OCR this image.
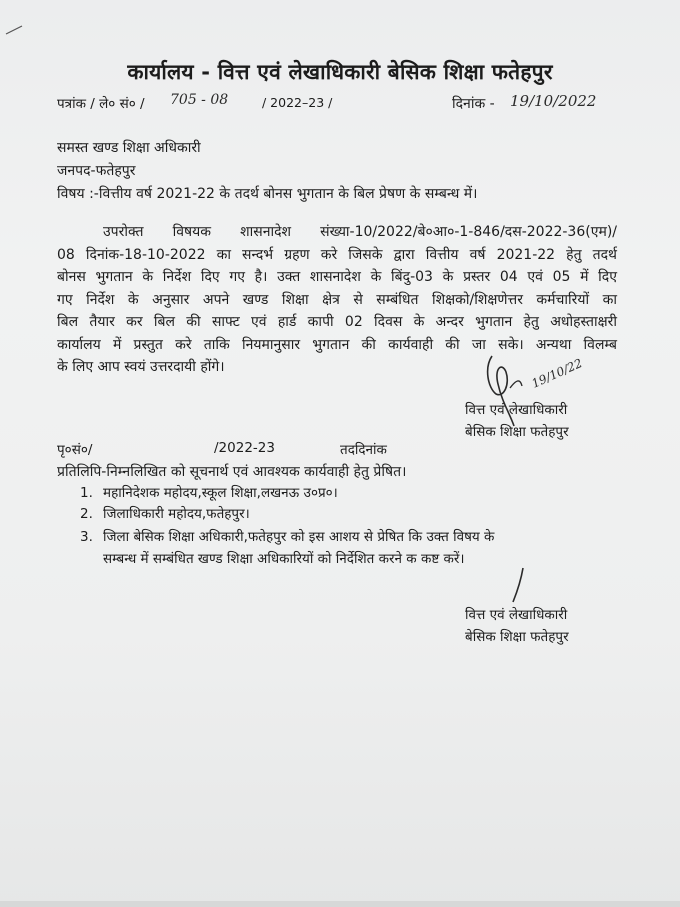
कार्यालय - वित्त एवं लेखाधिकारी बेसिक शिक्षा फतेहपुर
पत्रांक / ले० सं० / 705 - 08	/ 2022–23 /	दिनांक - 19/10/2022
समस्त खण्ड शिक्षा अधिकारी
जनपद-फतेहपुर
विषय :-वित्तीय वर्ष 2021-22 के तदर्थ बोनस भुगतान के बिल प्रेषण के सम्बन्ध में।
उपरोक्त विषयक शासनादेश संख्या-10/2022/बे०आ०-1-846/दस-2022-36(एम)/
08 दिनांक-18-10-2022 का सन्दर्भ ग्रहण करे जिसके द्वारा वित्तीय वर्ष 2021-22 हेतु तदर्थ
बोनस भुगतान के निर्देश दिए गए है। उक्त शासनादेश के बिंदु-03 के प्रस्तर 04 एवं 05 में दिए
गए निर्देश के अनुसार अपने खण्ड शिक्षा क्षेत्र से सम्बंधित शिक्षको/शिक्षणेत्तर कर्मचारियों का
बिल तैयार कर बिल की साफ्ट एवं हार्ड कापी 02 दिवस के अन्दर भुगतान हेतु अधोहस्ताक्षरी
कार्यालय में प्रस्तुत करे ताकि नियमानुसार भुगतान की कार्यवाही की जा सके। अन्यथा विलम्ब
के लिए आप स्वयं उत्तरदायी होंगे।	19/10/22
वित्त एवं लेखाधिकारी
बेसिक शिक्षा फतेहपुर
पृ०सं०/	/2022-23	तददिनांक
प्रतिलिपि-निम्नलिखित को सूचनार्थ एवं आवश्यक कार्यवाही हेतु प्रेषित।
1. महानिदेशक महोदय,स्कूल शिक्षा,लखनऊ उ०प्र०।
2. जिलाधिकारी महोदय,फतेहपुर।
3. जिला बेसिक शिक्षा अधिकारी,फतेहपुर को इस आशय से प्रेषित कि उक्त विषय के
सम्बन्ध में सम्बंधित खण्ड शिक्षा अधिकारियों को निर्देशित करने क कष्ट करें।
वित्त एवं लेखाधिकारी
बेसिक शिक्षा फतेहपुर
